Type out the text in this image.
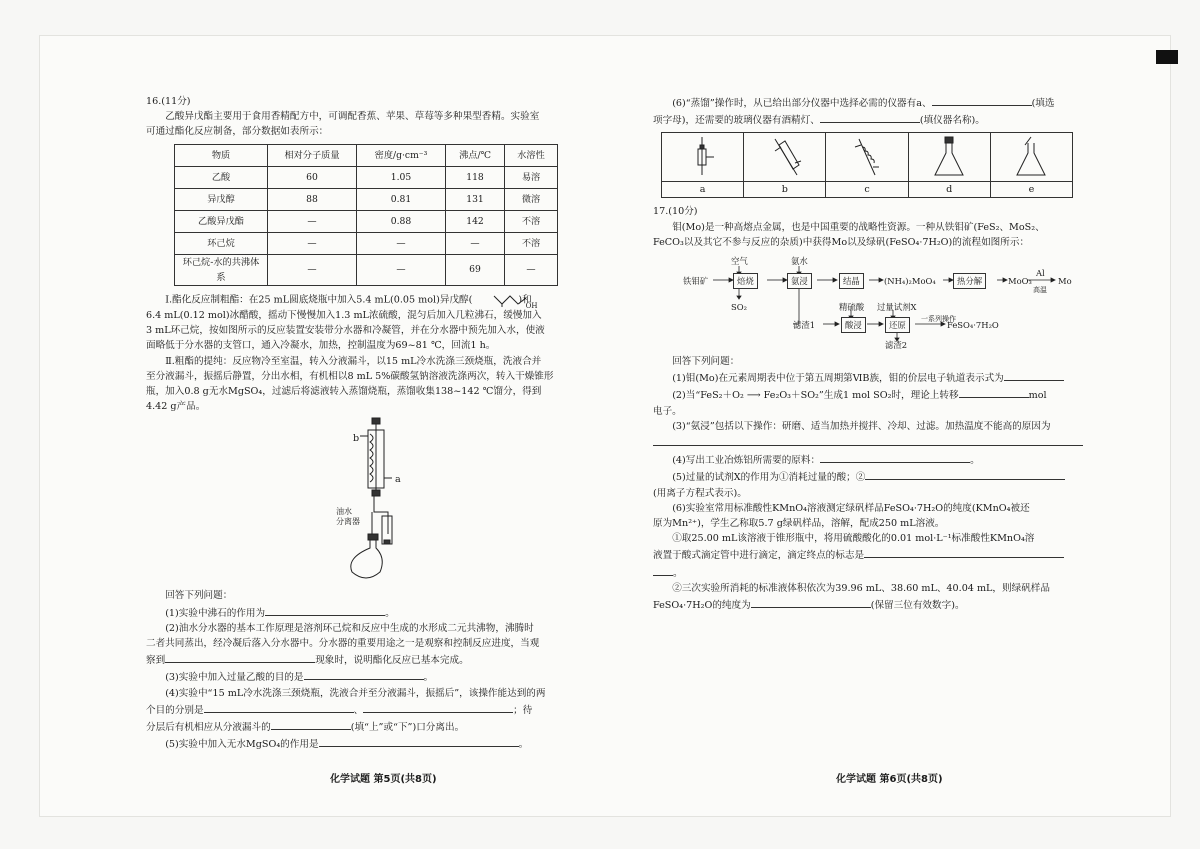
16.(11分)

乙酸异戊酯主要用于食用香精配方中，可调配香蕉、苹果、草莓等多种果型香精。实验室

可通过酯化反应制备，部分数据如表所示：

物质	相对分子质量	密度/g·cm⁻³	沸点/℃	水溶性
乙酸	60	1.05	118	易溶
异戊醇	88	0.81	131	微溶
乙酸异戊酯	—	0.88	142	不溶
环己烷	—	—	—	不溶
环己烷-水的共沸体系	—	—	69	—

Ⅰ.酯化反应制粗酯：在25 mL圆底烧瓶中加入5.4 mL(0.05 mol)异戊醇(
OH
)和

6.4 mL(0.12 mol)冰醋酸，摇动下慢慢加入1.3 mL浓硫酸，混匀后加入几粒沸石，缓慢加入

3 mL环己烷，按如图所示的反应装置安装带分水器和冷凝管，并在分水器中预先加入水，使液

面略低于分水器的支管口，通入冷凝水，加热，控制温度为69~81 ℃，回流1 h。

Ⅱ.粗酯的提纯：反应物冷至室温，转入分液漏斗，以15 mL冷水洗涤三颈烧瓶，洗液合并

至分液漏斗，振摇后静置，分出水相，有机相以8 mL 5%碳酸氢钠溶液洗涤两次，转入干燥锥形

瓶，加入0.8 g无水MgSO₄，过滤后将滤液转入蒸馏烧瓶，蒸馏收集138~142 ℃馏分，得到

4.42 g产品。

b
a
油水
分离器

回答下列问题：

(1)实验中沸石的作用为	。

(2)油水分水器的基本工作原理是溶剂环己烷和反应中生成的水形成二元共沸物，沸腾时

二者共同蒸出，经冷凝后落入分水器中。分水器的重要用途之一是观察和控制反应进度，当观

察到	现象时，说明酯化反应已基本完成。

(3)实验中加入过量乙酸的目的是	。

(4)实验中“15 mL冷水洗涤三颈烧瓶，洗液合并至分液漏斗，振摇后”，该操作能达到的两

个目的分别是	、	；待

分层后有机相应从分液漏斗的	(填“上”或“下”)口分离出。

(5)实验中加入无水MgSO₄的作用是	。

(6)“蒸馏”操作时，从已给出部分仪器中选择必需的仪器有a、	(填选

项字母)，还需要的玻璃仪器有酒精灯、	(填仪器名称)。

a	b	c	d	e

17.(10分)

钼(Mo)是一种高熔点金属，也是中国重要的战略性资源。一种从铁钼矿(FeS₂、MoS₂、

FeCO₃以及其它不参与反应的杂质)中获得Mo以及绿矾(FeSO₄·7H₂O)的流程如图所示：

铁钼矿
空气
焙烧
SO₂
氨水
氨浸	结晶	(NH₄)₂MoO₄	热分解	MoO₃
Al
高温
Mo
滤渣1
精硫酸
酸浸
过量试剂X
还原
一系列操作
FeSO₄·7H₂O
滤渣2

回答下列问题：

(1)钼(Mo)在元素周期表中位于第五周期第ⅥB族，钼的价层电子轨道表示式为

(2)当“FeS₂＋O₂ ⟶ Fe₂O₃＋SO₂”生成1 mol SO₂时，理论上转移	mol

电子。

(3)“氨浸”包括以下操作：研磨、适当加热并搅拌、冷却、过滤。加热温度不能高的原因为

(4)写出工业冶炼铝所需要的原料：	。

(5)过量的试剂X的作用为①消耗过量的酸；②

(用离子方程式表示)。

(6)实验室常用标准酸性KMnO₄溶液测定绿矾样品FeSO₄·7H₂O的纯度(KMnO₄被还

原为Mn²⁺)，学生乙称取5.7 g绿矾样品，溶解，配成250 mL溶液。

①取25.00 mL该溶液于锥形瓶中，将用硫酸酸化的0.01 mol·L⁻¹标准酸性KMnO₄溶

液置于酸式滴定管中进行滴定，滴定终点的标志是

。

②三次实验所消耗的标准液体积依次为39.96 mL、38.60 mL、40.04 mL，则绿矾样品

FeSO₄·7H₂O的纯度为	(保留三位有效数字)。

化学试题 第5页(共8页)	化学试题 第6页(共8页)
